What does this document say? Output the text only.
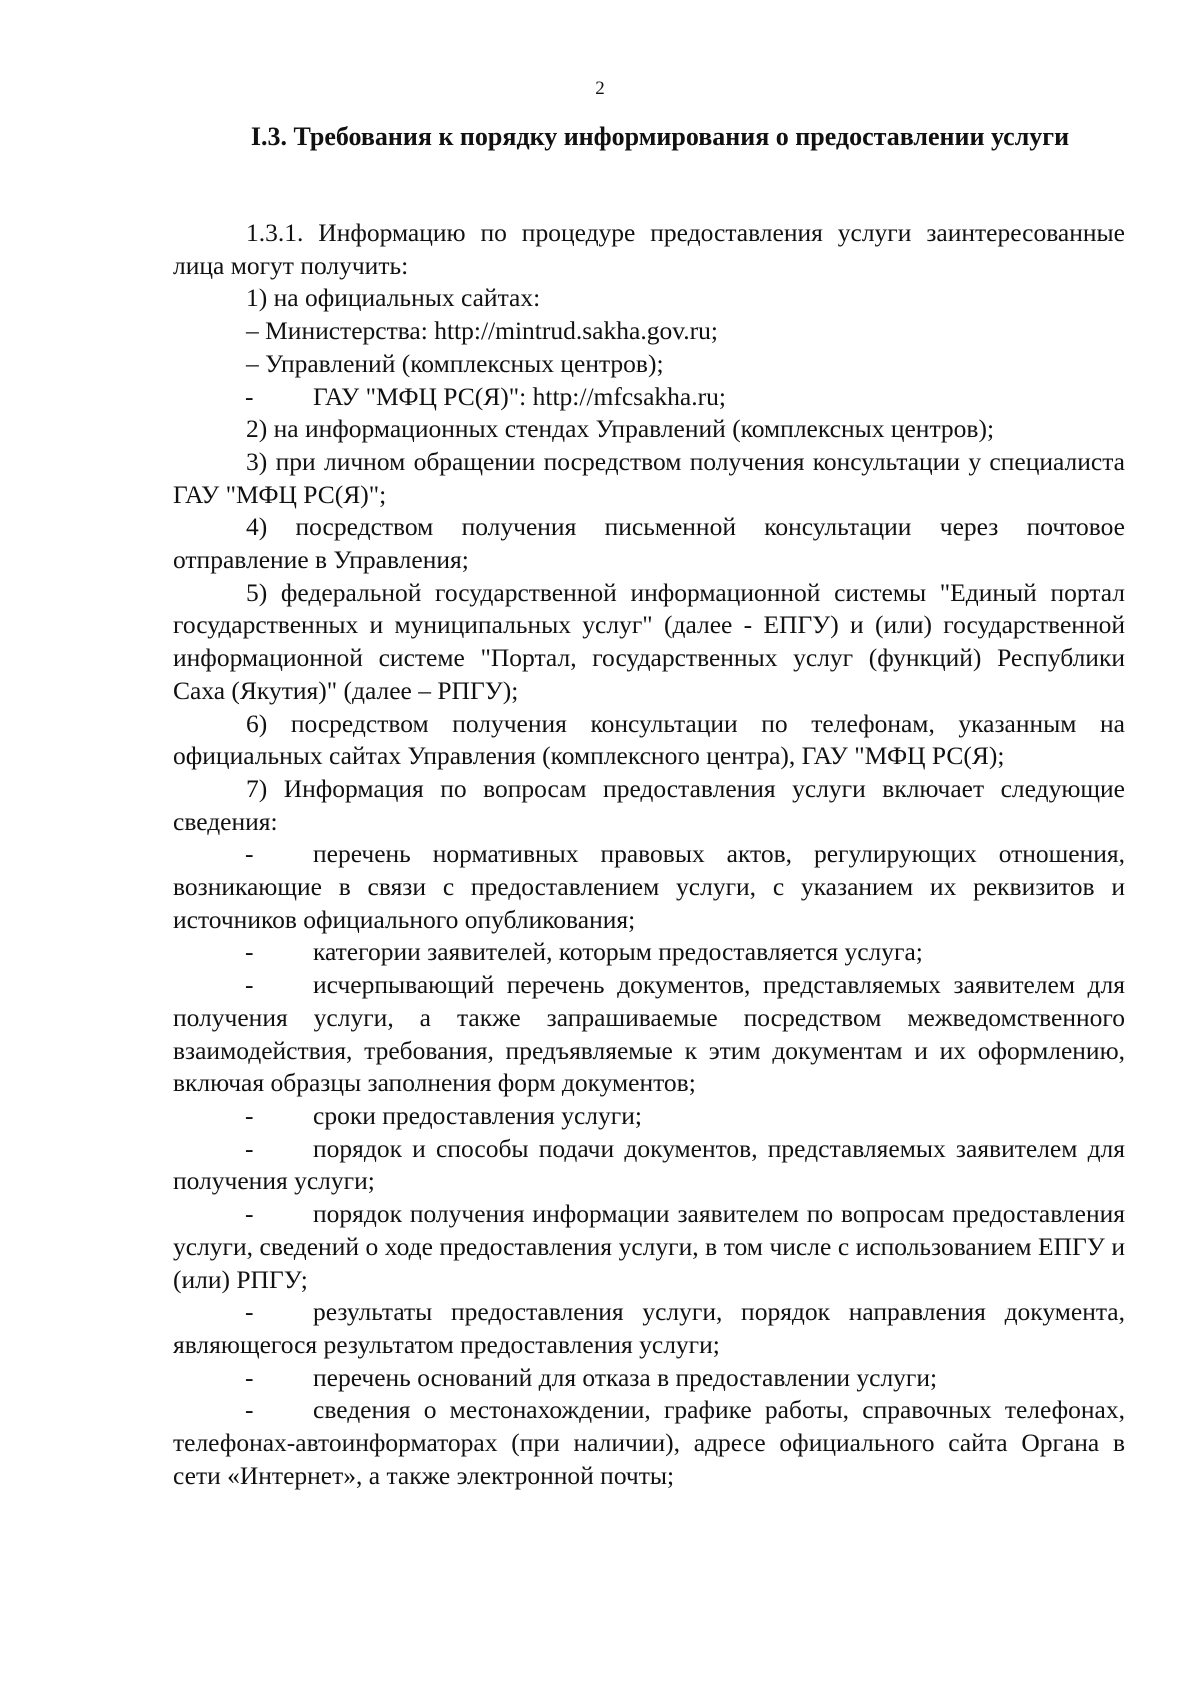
2
I.3. Требования к порядку информирования о предоставлении услуги

1.3.1. Информацию по процедуре предоставления услуги заинтересованные лица могут получить:

1) на официальных сайтах:

– Министерства: http://mintrud.sakha.gov.ru;

– Управлений (комплексных центров);

-	ГАУ "МФЦ РС(Я)": http://mfcsakha.ru;

2) на информационных стендах Управлений (комплексных центров);

3) при личном обращении посредством получения консультации у специалиста ГАУ "МФЦ РС(Я)";

4) посредством получения письменной консультации через почтовое отправление в Управления;

5) федеральной государственной информационной системы "Единый портал государственных и муниципальных услуг" (далее - ЕПГУ) и (или) государственной информационной системе "Портал, государственных услуг (функций) Республики Саха (Якутия)" (далее – РПГУ);

6) посредством получения консультации по телефонам, указанным на официальных сайтах Управления (комплексного центра), ГАУ "МФЦ РС(Я);

7) Информация по вопросам предоставления услуги включает следующие сведения:

- перечень нормативных правовых актов, регулирующих отношения, возникающие в связи с предоставлением услуги, с указанием их реквизитов и источников официального опубликования;

- категории заявителей, которым предоставляется услуга;

- исчерпывающий перечень документов, представляемых заявителем для получения услуги, а также запрашиваемые посредством межведомственного взаимодействия, требования, предъявляемые к этим документам и их оформлению, включая образцы заполнения форм документов;

- сроки предоставления услуги;

- порядок и способы подачи документов, представляемых заявителем для получения услуги;

- порядок получения информации заявителем по вопросам предоставления услуги, сведений о ходе предоставления услуги, в том числе с использованием ЕПГУ и (или) РПГУ;

- результаты предоставления услуги, порядок направления документа, являющегося результатом предоставления услуги;

- перечень оснований для отказа в предоставлении услуги;

- сведения о местонахождении, графике работы, справочных телефонах, телефонах-автоинформаторах (при наличии), адресе официального сайта Органа в сети «Интернет», а также электронной почты;
